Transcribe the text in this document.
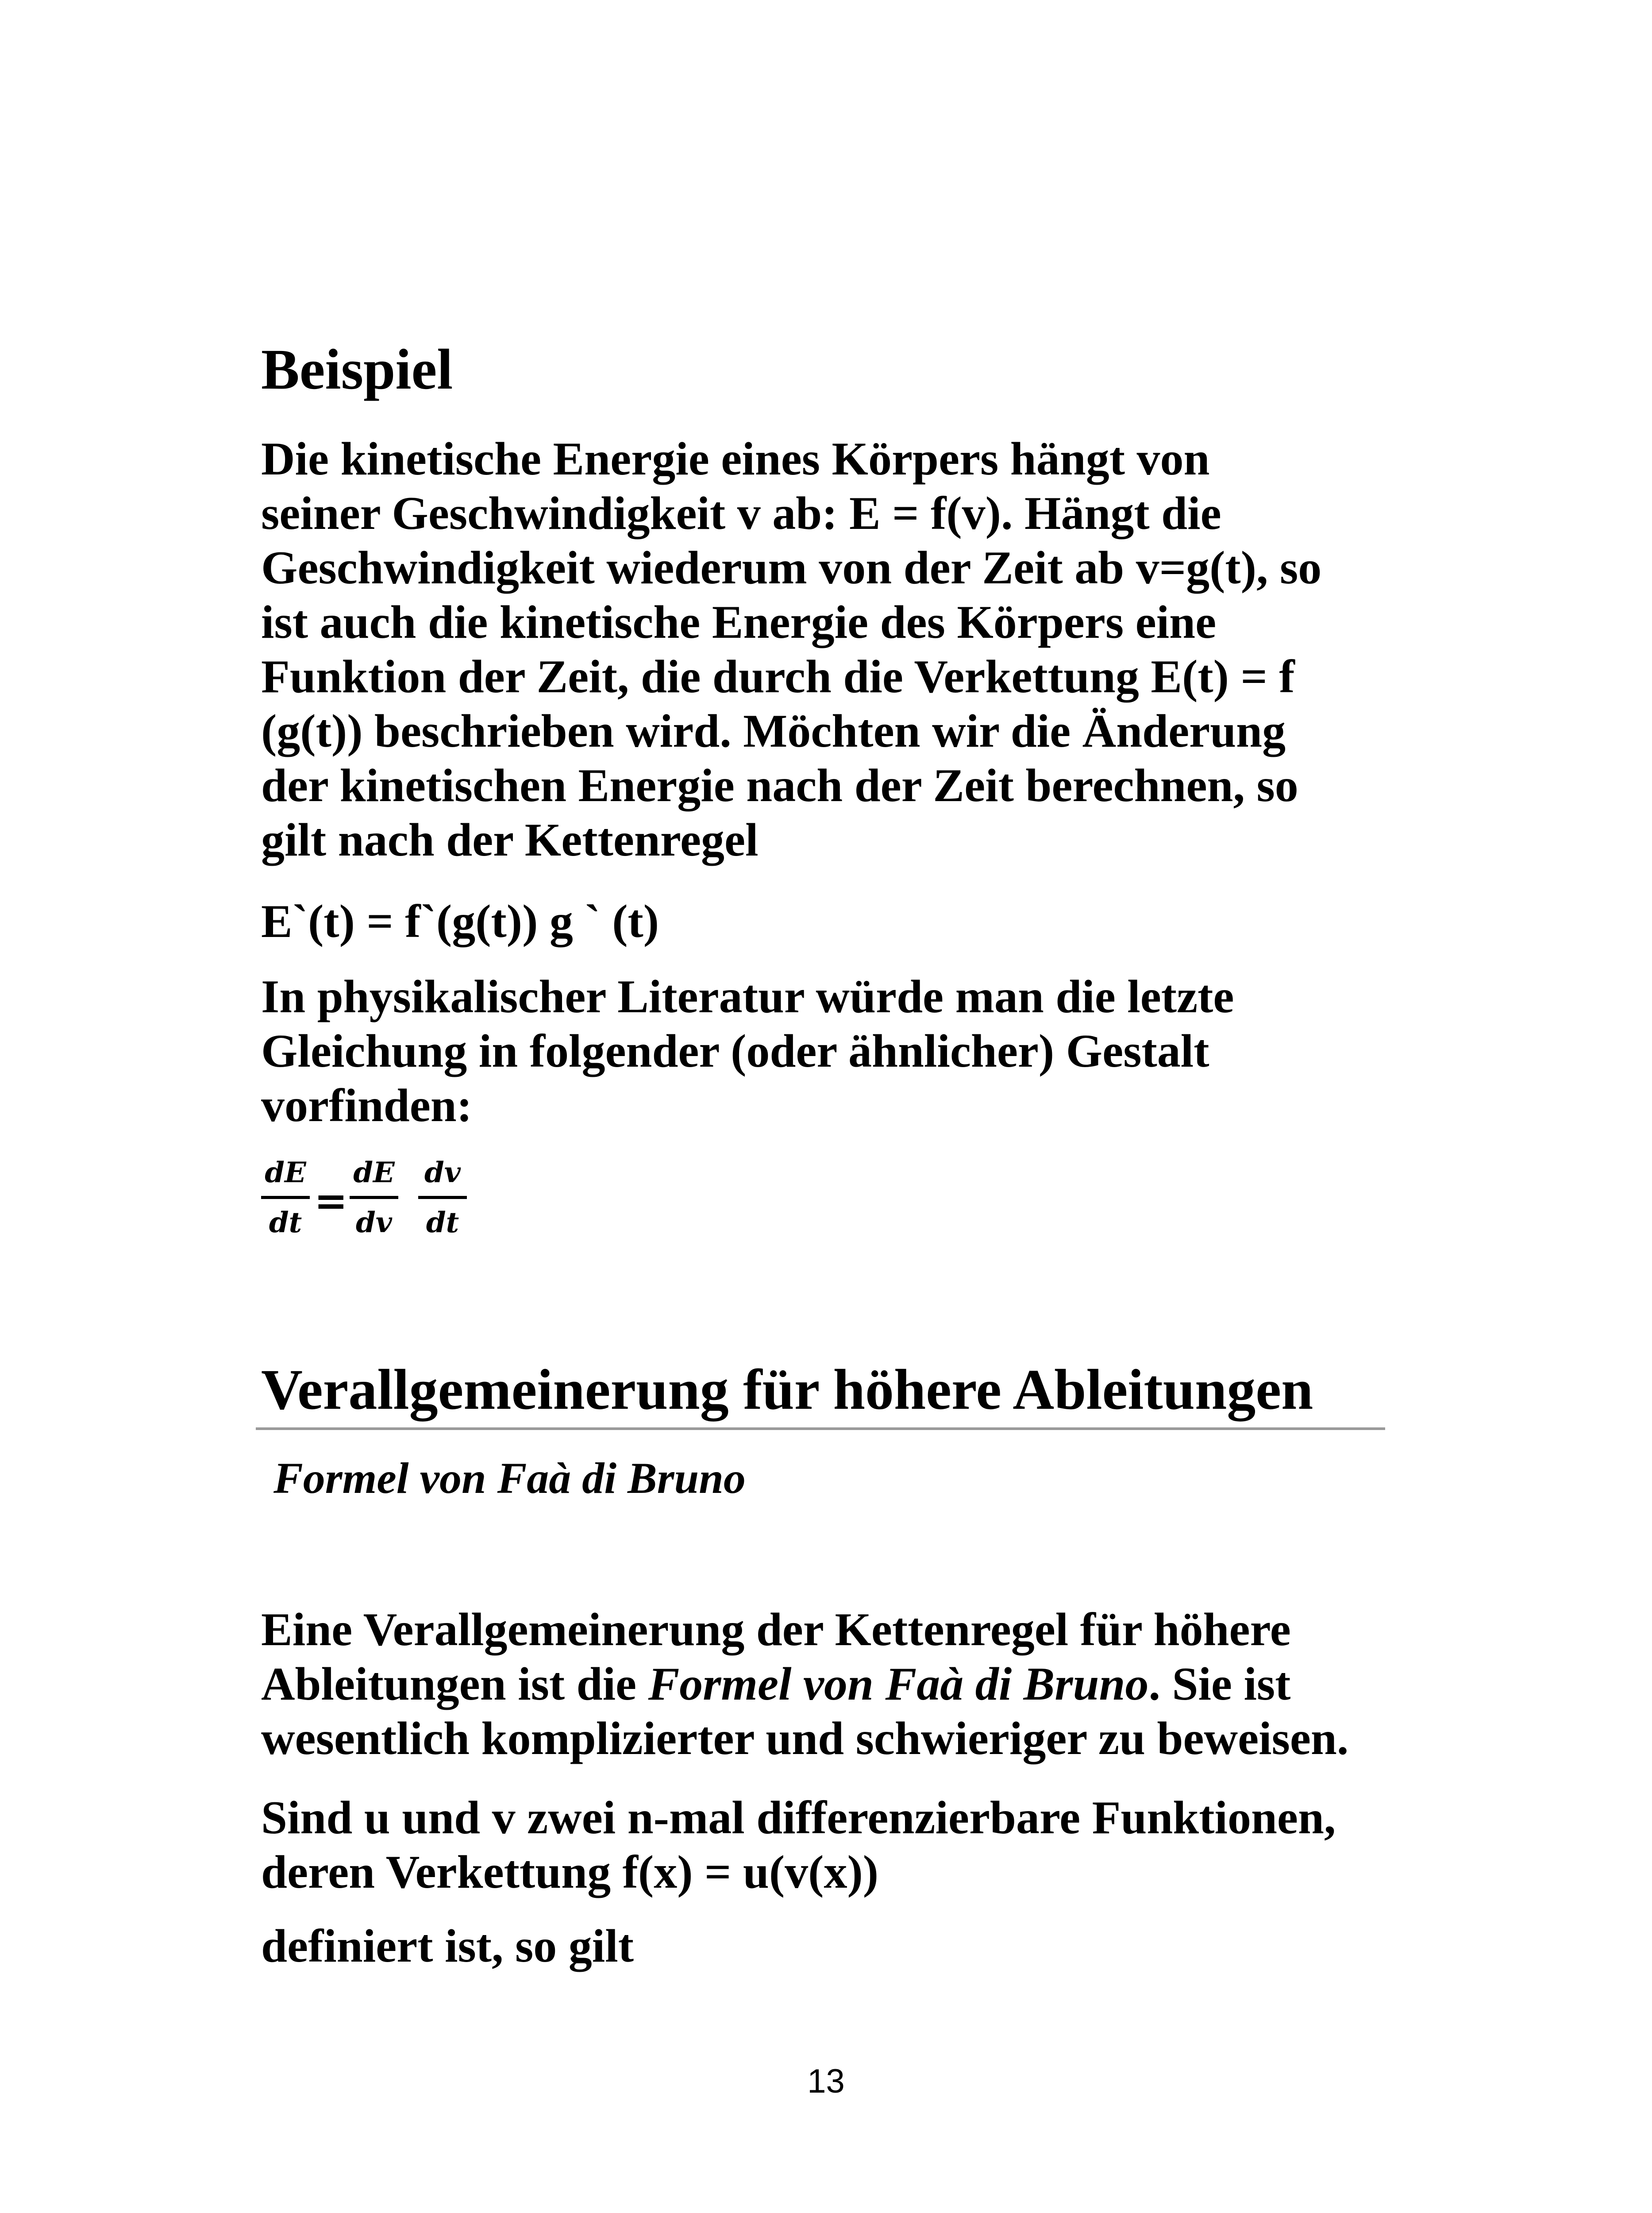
Beispiel
Die kinetische Energie eines Körpers hängt von
seiner Geschwindigkeit v ab: E = f(v). Hängt die
Geschwindigkeit wiederum von der Zeit ab v=g(t), so
ist auch die kinetische Energie des Körpers eine
Funktion der Zeit, die durch die Verkettung E(t) = f
(g(t)) beschrieben wird. Möchten wir die Änderung
der kinetischen Energie nach der Zeit berechnen, so
gilt nach der Kettenregel
E`(t) = f`(g(t)) g ` (t)
In physikalischer Literatur würde man die letzte
Gleichung in folgender (oder ähnlicher) Gestalt
vorfinden:
dE
dt =
dE
dv
dv
dt
Verallgemeinerung für höhere Ableitungen
Formel von Faà di Bruno
Eine Verallgemeinerung der Kettenregel für höhere
Ableitungen ist die Formel von Faà di Bruno. Sie ist
wesentlich komplizierter und schwieriger zu beweisen.
Sind u und v zwei n-mal differenzierbare Funktionen,
deren Verkettung f(x) = u(v(x))
definiert ist, so gilt
13
